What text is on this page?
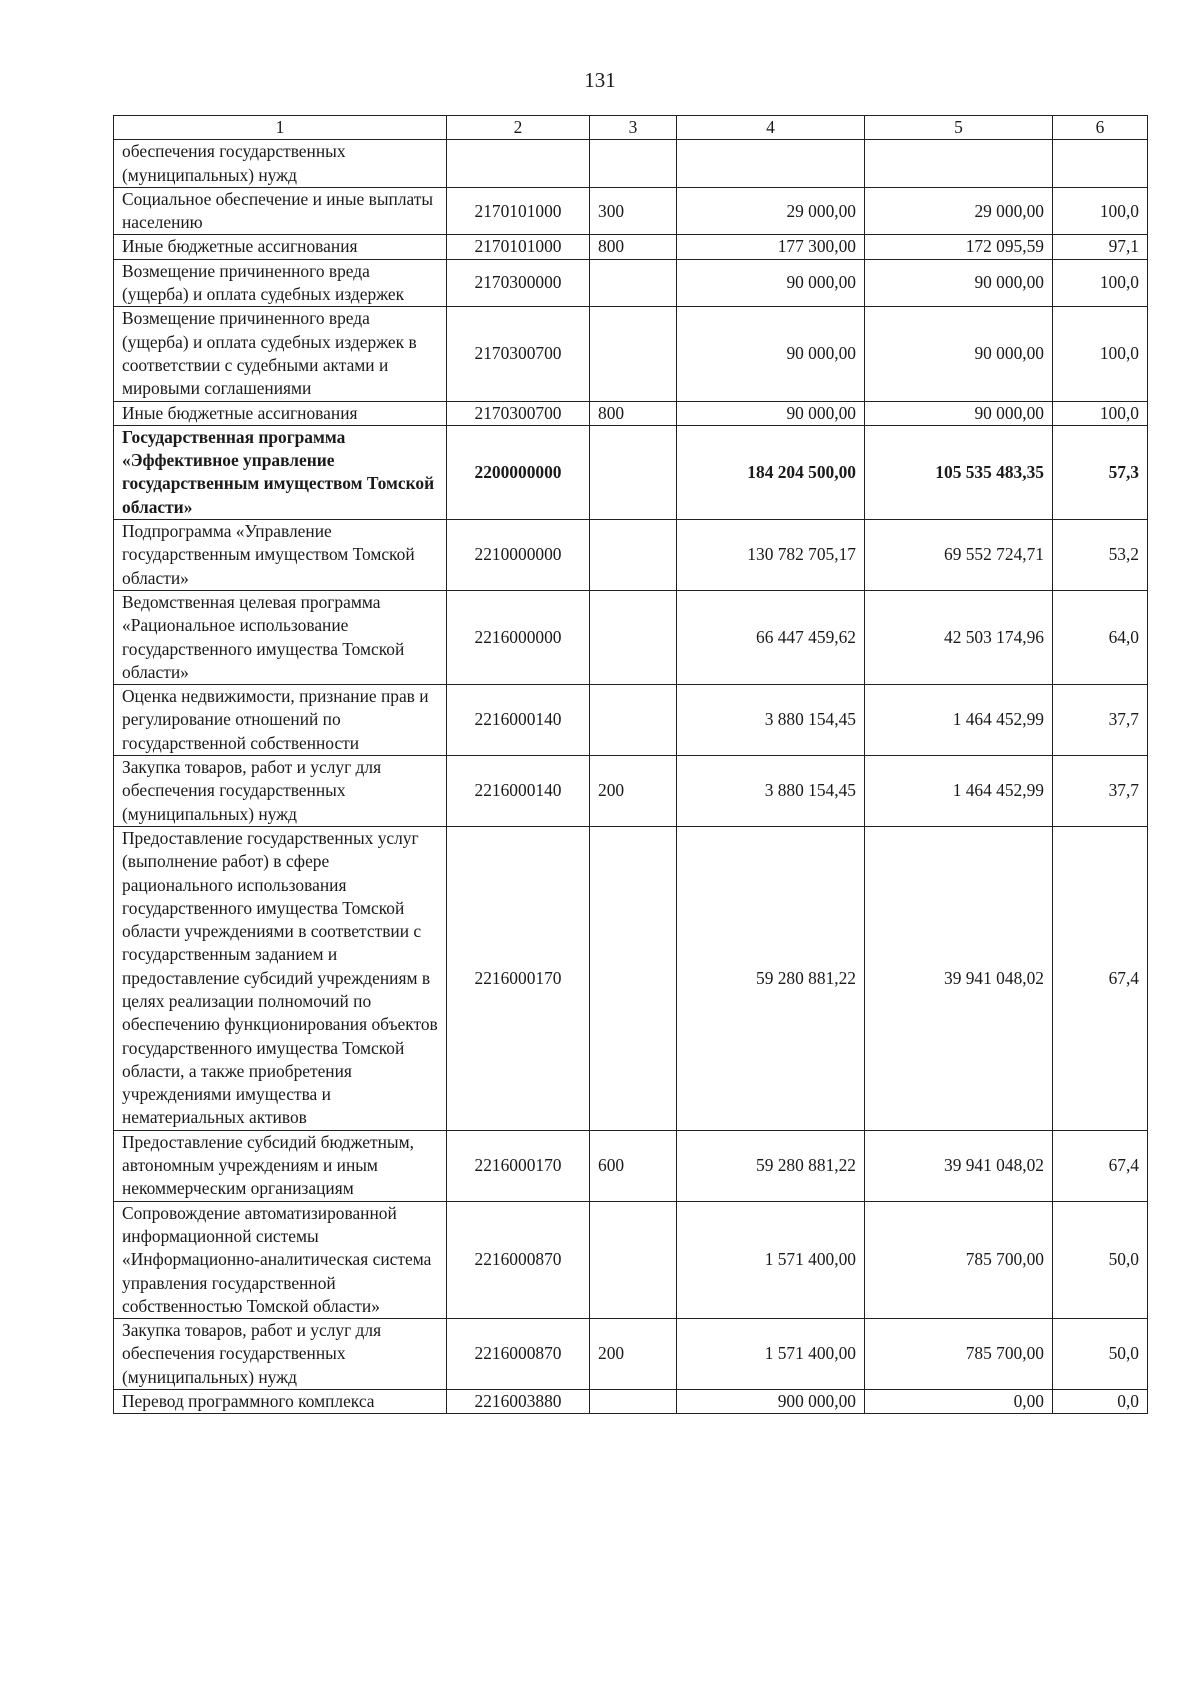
131
1	2	3	4	5	6
обеспечения государственных (муниципальных) нужд					
Социальное обеспечение и иные выплаты населению	2170101000	300	29 000,00	29 000,00	100,0
Иные бюджетные ассигнования	2170101000	800	177 300,00	172 095,59	97,1
Возмещение причиненного вреда (ущерба) и оплата судебных издержек	2170300000		90 000,00	90 000,00	100,0
Возмещение причиненного вреда (ущерба) и оплата судебных издержек в соответствии с судебными актами и мировыми соглашениями	2170300700		90 000,00	90 000,00	100,0
Иные бюджетные ассигнования	2170300700	800	90 000,00	90 000,00	100,0
Государственная программа «Эффективное управление государственным имуществом Томской области»	2200000000		184 204 500,00	105 535 483,35	57,3
Подпрограмма «Управление государственным имуществом Томской области»	2210000000		130 782 705,17	69 552 724,71	53,2
Ведомственная целевая программа «Рациональное использование государственного имущества Томской области»	2216000000		66 447 459,62	42 503 174,96	64,0
Оценка недвижимости, признание прав и регулирование отношений по государственной собственности	2216000140		3 880 154,45	1 464 452,99	37,7
Закупка товаров, работ и услуг для обеспечения государственных (муниципальных) нужд	2216000140	200	3 880 154,45	1 464 452,99	37,7
Предоставление государственных услуг (выполнение работ) в сфере рационального использования государственного имущества Томской области учреждениями в соответствии с государственным заданием и предоставление субсидий учреждениям в целях реализации полномочий по обеспечению функционирования объектов государственного имущества Томской области, а также приобретения учреждениями имущества и нематериальных активов	2216000170		59 280 881,22	39 941 048,02	67,4
Предоставление субсидий бюджетным, автономным учреждениям и иным некоммерческим организациям	2216000170	600	59 280 881,22	39 941 048,02	67,4
Сопровождение автоматизированной информационной системы «Информационно-аналитическая система управления государственной собственностью Томской области»	2216000870		1 571 400,00	785 700,00	50,0
Закупка товаров, работ и услуг для обеспечения государственных (муниципальных) нужд	2216000870	200	1 571 400,00	785 700,00	50,0
Перевод программного комплекса	2216003880		900 000,00	0,00	0,0
